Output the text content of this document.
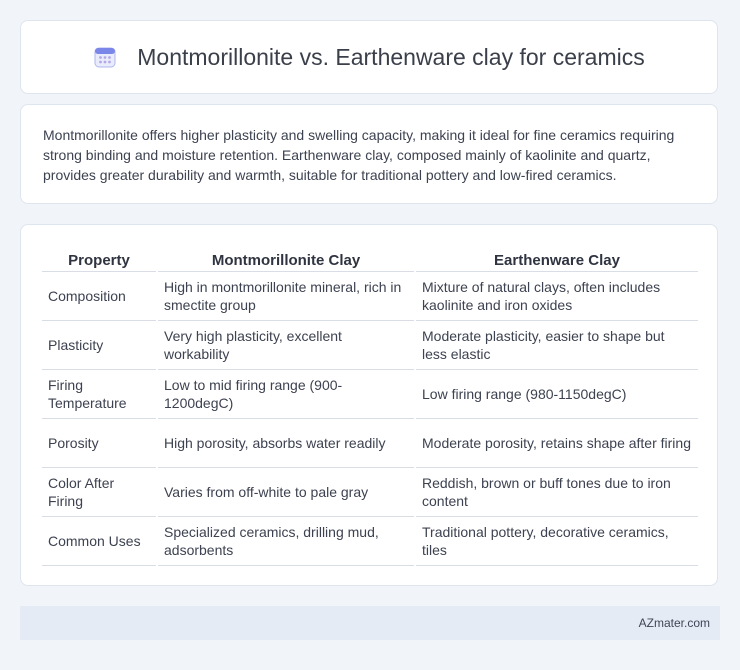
Montmorillonite vs. Earthenware clay for ceramics

Montmorillonite offers higher plasticity and swelling capacity, making it ideal for fine ceramics requiring strong binding and moisture retention. Earthenware clay, composed mainly of kaolinite and quartz, provides greater durability and warmth, suitable for traditional pottery and low-fired ceramics.

Property	Montmorillonite Clay	Earthenware Clay
Composition	High in montmorillonite mineral, rich in smectite group	Mixture of natural clays, often includes kaolinite and iron oxides
Plasticity	Very high plasticity, excellent workability	Moderate plasticity, easier to shape but less elastic
Firing Temperature	Low to mid firing range (900-1200degC)	Low firing range (980-1150degC)
Porosity	High porosity, absorbs water readily	Moderate porosity, retains shape after firing
Color After Firing	Varies from off-white to pale gray	Reddish, brown or buff tones due to iron content
Common Uses	Specialized ceramics, drilling mud, adsorbents	Traditional pottery, decorative ceramics, tiles
AZmater.com
